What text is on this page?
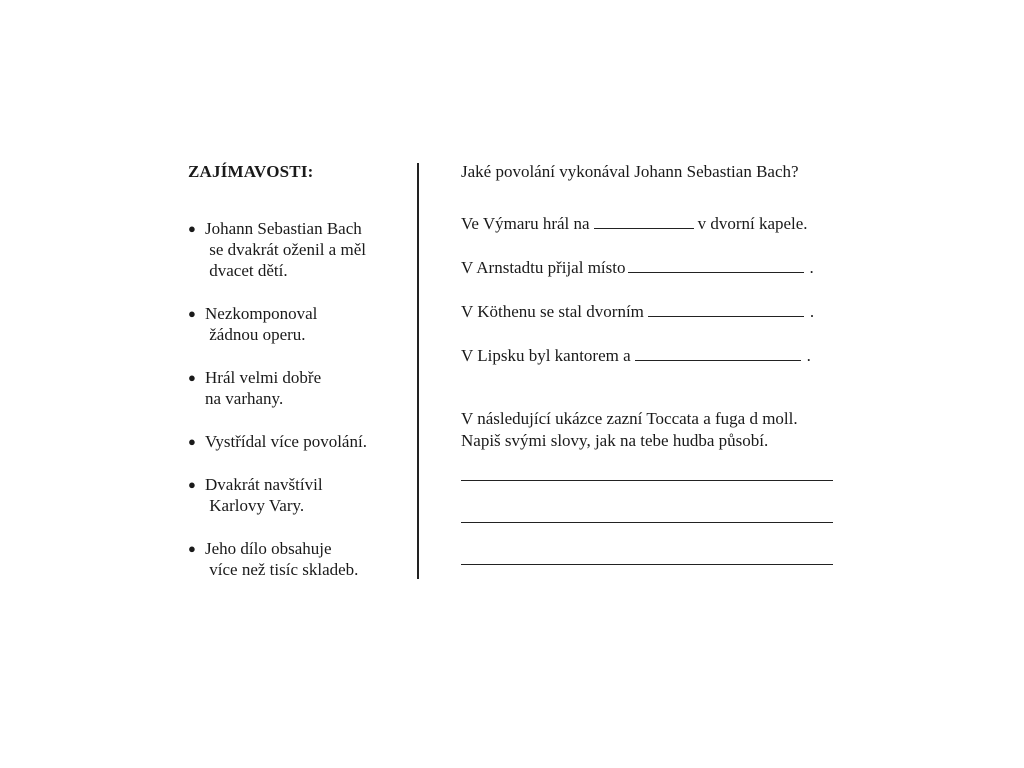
ZAJÍMAVOSTI:
● Johann Sebastian Bach
se dvakrát oženil a měl
dvacet dětí.
● Nezkomponoval
žádnou operu.
● Hrál velmi dobře
na varhany.
● Vystřídal více povolání.
● Dvakrát navštívil
Karlovy Vary.
● Jeho dílo obsahuje
více než tisíc skladeb.
Jaké povolání vykonával Johann Sebastian Bach?
Ve Výmaru hrál na	v dvorní kapele.
V Arnstadtu přijal místo	.
V Köthenu se stal dvorním	.
V Lipsku byl kantorem a	.
V následující ukázce zazní Toccata a fuga d moll.
Napiš svými slovy, jak na tebe hudba působí.
